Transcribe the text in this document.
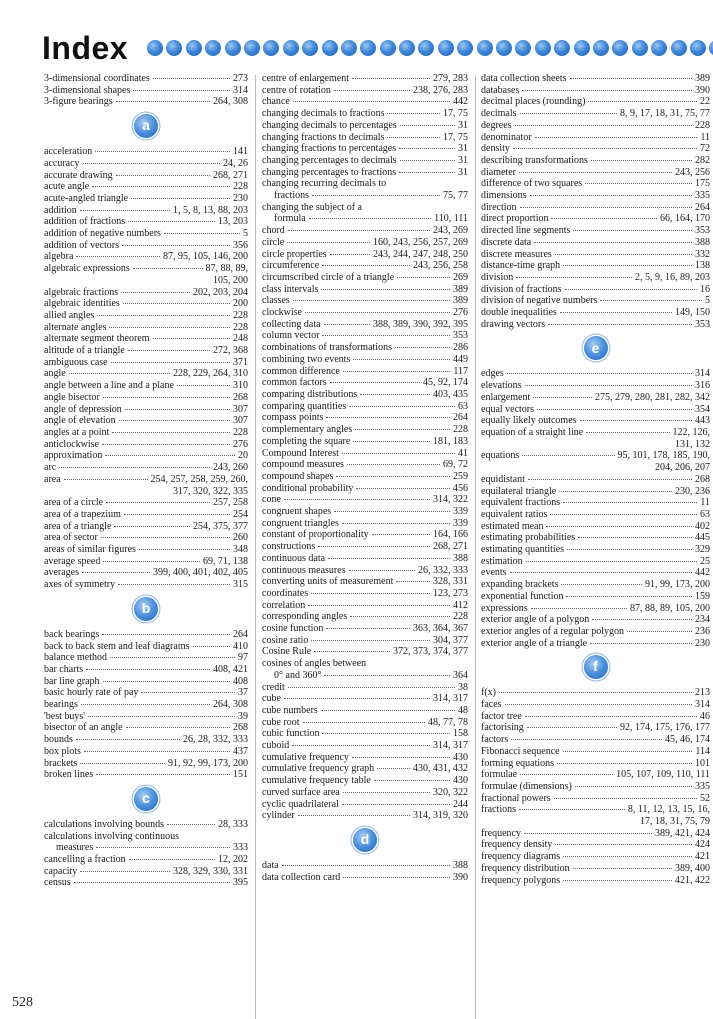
Index
3-dimensional coordinates	273
3-dimensional shapes	314
3-figure bearings	264, 308
a
acceleration	141
accuracy	24, 26
accurate drawing	268, 271
acute angle	228
acute-angled triangle	230
addition	1, 5, 8, 13, 88, 203
addition of fractions	13, 203
addition of negative numbers	5
addition of vectors	356
algebra	87, 95, 105, 146, 200
algebraic expressions	87, 88, 89,
105, 200
algebraic fractions	202, 203, 204
algebraic identities	200
allied angles	228
alternate angles	228
alternate segment theorem	248
altitude of a triangle	272, 368
ambiguous case	371
angle	228, 229, 264, 310
angle between a line and a plane	310
angle bisector	268
angle of depression	307
angle of elevation	307
angles at a point	228
anticlockwise	276
approximation	20
arc	243, 260
area	254, 257, 258, 259, 260,
317, 320, 322, 335
area of a circle	257, 258
area of a trapezium	254
area of a triangle	254, 375, 377
area of sector	260
areas of similar figures	348
average speed	69, 71, 138
averages	399, 400, 401, 402, 405
axes of symmetry	315
b
back bearings	264
back to back stem and leaf diagrams	410
balance method	97
bar charts	408, 421
bar line graph	408
basic hourly rate of pay	37
bearings	264, 308
'best buys'	39
bisector of an angle	268
bounds	26, 28, 332, 333
box plots	437
brackets	91, 92, 99, 173, 200
broken lines	151
c
calculations involving bounds	28, 333
calculations involving continuous
measures	333
cancelling a fraction	12, 202
capacity	328, 329, 330, 331
census	395
centre of enlargement	279, 283
centre of rotation	238, 276, 283
chance	442
changing decimals to fractions	17, 75
changing decimals to percentages	31
changing fractions to decimals	17, 75
changing fractions to percentages	31
changing percentages to decimals	31
changing percentages to fractions	31
changing recurring decimals to
fractions	75, 77
changing the subject of a
formula	110, 111
chord	243, 269
circle	160, 243, 256, 257, 269
circle properties	243, 244, 247, 248, 250
circumference	243, 256, 258
circumscribed circle of a triangle	269
class intervals	389
classes	389
clockwise	276
collecting data	388, 389, 390, 392, 395
column vector	353
combinations of transformations	286
combining two events	449
common difference	117
common factors	45, 92, 174
comparing distributions	403, 435
comparing quantities	63
compass points	264
complementary angles	228
completing the square	181, 183
Compound Interest	41
compound measures	69, 72
compound shapes	259
conditional probability	456
cone	314, 322
congruent shapes	339
congruent triangles	339
constant of proportionality	164, 166
constructions	268, 271
continuous data	388
continuous measures	26, 332, 333
converting units of measurement	328, 331
coordinates	123, 273
correlation	412
corresponding angles	228
cosine function	363, 364, 367
cosine ratio	304, 377
Cosine Rule	372, 373, 374, 377
cosines of angles between
0° and 360°	364
credit	38
cube	314, 317
cube numbers	48
cube root	48, 77, 78
cubic function	158
cuboid	314, 317
cumulative frequency	430
cumulative frequency graph	430, 431, 432
cumulative frequency table	430
curved surface area	320, 322
cyclic quadrilateral	244
cylinder	314, 319, 320
d
data	388
data collection card	390
data collection sheets	389
databases	390
decimal places (rounding)	22
decimals	8, 9, 17, 18, 31, 75, 77
degrees	228
denominator	11
density	72
describing transformations	282
diameter	243, 256
difference of two squares	175
dimensions	335
direction	264
direct proportion	66, 164, 170
directed line segments	353
discrete data	388
discrete measures	332
distance-time graph	138
division	2, 5, 9, 16, 89, 203
division of fractions	16
division of negative numbers	5
double inequalities	149, 150
drawing vectors	353
e
edges	314
elevations	316
enlargement	275, 279, 280, 281, 282, 342
equal vectors	354
equally likely outcomes	443
equation of a straight line	122, 126,
131, 132
equations	95, 101, 178, 185, 190,
204, 206, 207
equidistant	268
equilateral triangle	230, 236
equivalent fractions	11
equivalent ratios	63
estimated mean	402
estimating probabilities	445
estimating quantities	329
estimation	25
events	442
expanding brackets	91, 99, 173, 200
exponential function	159
expressions	87, 88, 89, 105, 200
exterior angle of a polygon	234
exterior angles of a regular polygon	236
exterior angle of a triangle	230
f
f(x)	213
faces	314
factor tree	46
factorising	92, 174, 175, 176, 177
factors	45, 46, 174
Fibonacci sequence	114
forming equations	101
formulae	105, 107, 109, 110, 111
formulae (dimensions)	335
fractional powers	52
fractions	8, 11, 12, 13, 15, 16,
17, 18, 31, 75, 79
frequency	389, 421, 424
frequency density	424
frequency diagrams	421
frequency distribution	389, 400
frequency polygons	421, 422
528
